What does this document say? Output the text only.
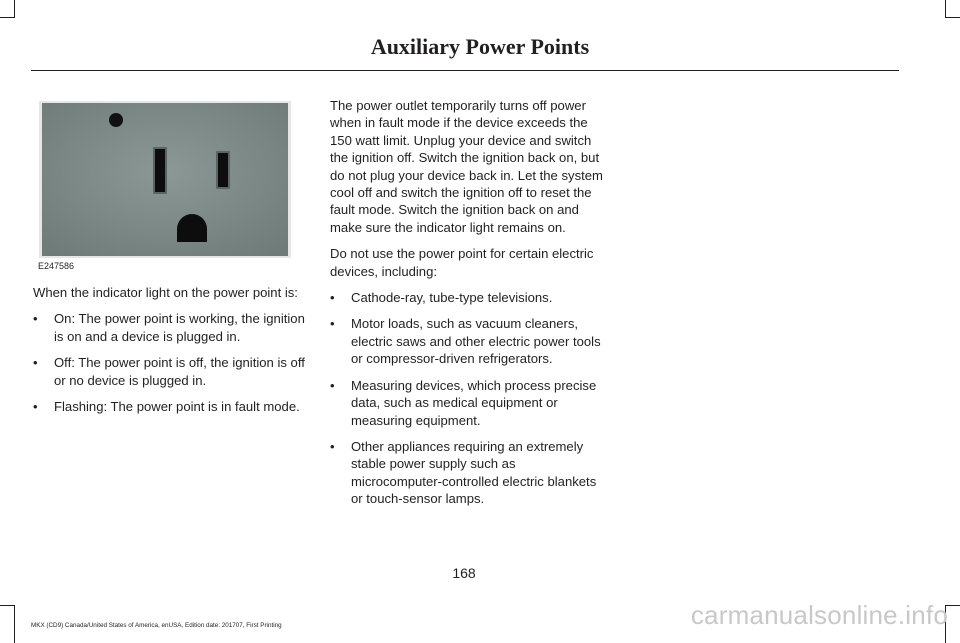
Auxiliary Power Points
E247586

When the indicator light on the power point is:

• On: The power point is working, the ignition is on and a device is plugged in.
• Off: The power point is off, the ignition is off or no device is plugged in.
• Flashing: The power point is in fault mode.

The power outlet temporarily turns off power when in fault mode if the device exceeds the 150 watt limit. Unplug your device and switch the ignition off. Switch the ignition back on, but do not plug your device back in. Let the system cool off and switch the ignition off to reset the fault mode. Switch the ignition back on and make sure the indicator light remains on.

Do not use the power point for certain electric devices, including:

• Cathode-ray, tube-type televisions.
• Motor loads, such as vacuum cleaners, electric saws and other electric power tools or compressor-driven refrigerators.
• Measuring devices, which process precise data, such as medical equipment or measuring equipment.
• Other appliances requiring an extremely stable power supply such as microcomputer-controlled electric blankets or touch-sensor lamps.
168
MKX (CD9) Canada/United States of America, enUSA, Edition date: 201707, First Printing	carmanualsonline.info
